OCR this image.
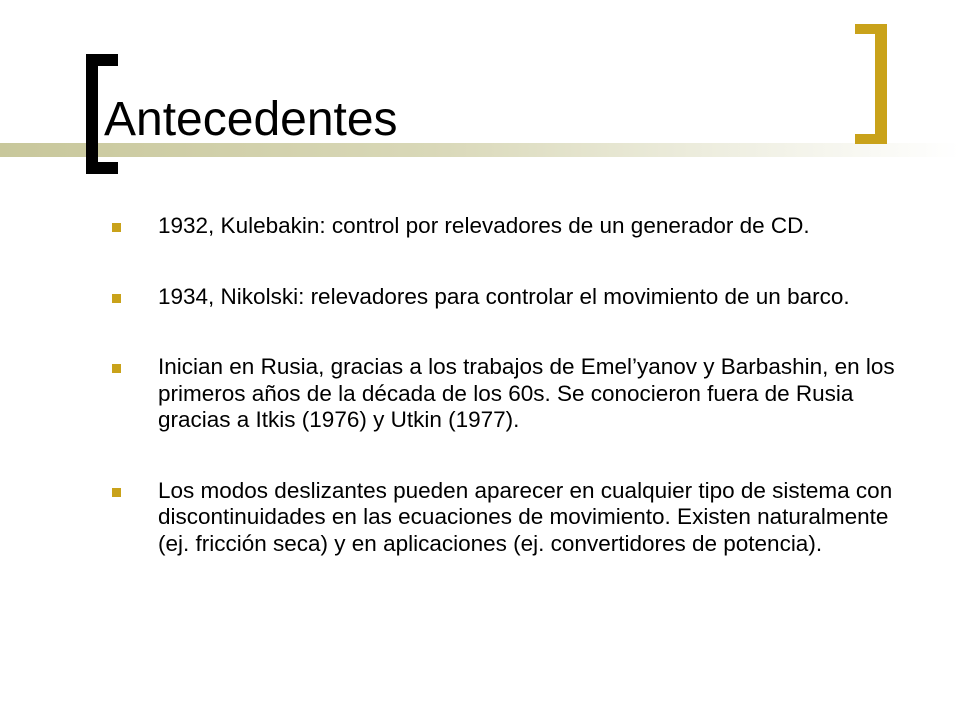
Antecedentes
1932, Kulebakin: control por relevadores de un generador de CD.
1934, Nikolski: relevadores para controlar el movimiento de un barco.
Inician en Rusia, gracias a los trabajos de Emel’yanov y Barbashin, en los primeros años de la década de los 60s. Se conocieron fuera de Rusia gracias a Itkis (1976) y Utkin (1977).
Los modos deslizantes pueden aparecer en cualquier tipo de sistema con discontinuidades en las ecuaciones de movimiento. Existen naturalmente (ej. fricción seca) y en aplicaciones (ej. convertidores de potencia).
